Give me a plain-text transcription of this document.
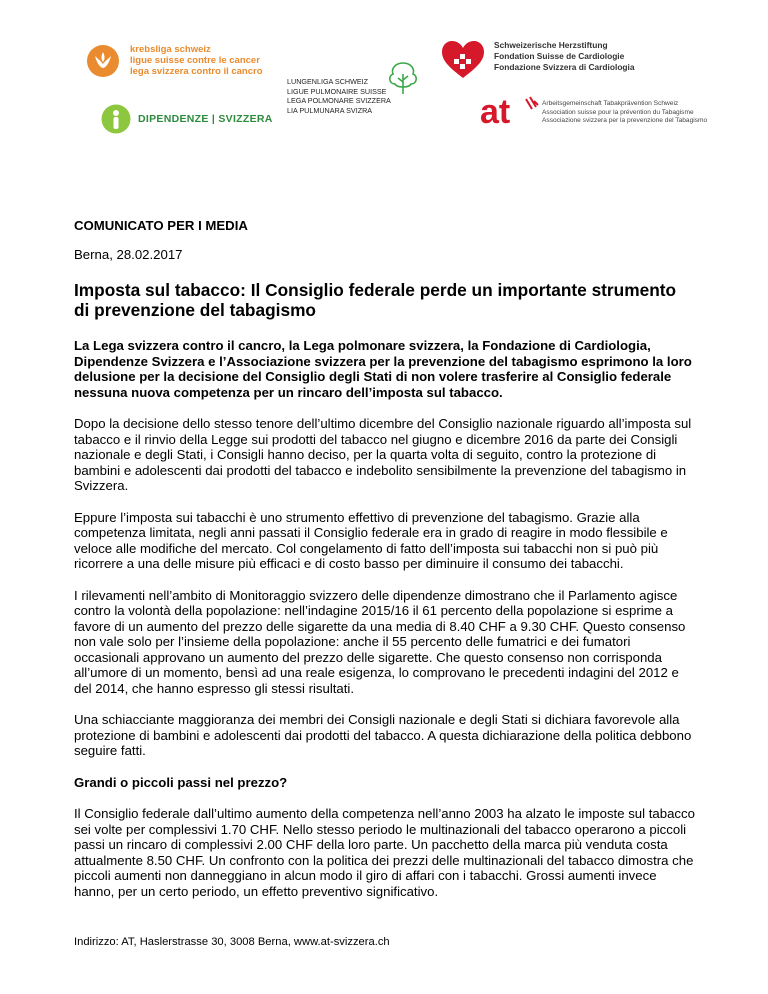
krebsliga schweiz
ligue suisse contre le cancer
lega svizzera contro il cancro
DIPENDENZE | SVIZZERA
LUNGENLIGA SCHWEIZ
LIGUE PULMONAIRE SUISSE
LEGA POLMONARE SVIZZERA
LIA PULMUNARA SVIZRA
Schweizerische Herzstiftung
Fondation Suisse de Cardiologie
Fondazione Svizzera di Cardiologia
at	Arbeitsgemeinschaft Tabakprävention Schweiz
Association suisse pour la prévention du Tabagisme
Associazione svizzera per la prevenzione del Tabagismo

COMUNICATO PER I MEDIA

Berna, 28.02.2017

Imposta sul tabacco: Il Consiglio federale perde un importante strumento di prevenzione del tabagismo

La Lega svizzera contro il cancro, la Lega polmonare svizzera, la Fondazione di Cardiologia, Dipendenze Svizzera e l’Associazione svizzera per la prevenzione del tabagismo esprimono la loro delusione per la decisione del Consiglio degli Stati di non volere trasferire al Consiglio federale nessuna nuova competenza per un rincaro dell’imposta sul tabacco.

Dopo la decisione dello stesso tenore dell’ultimo dicembre del Consiglio nazionale riguardo all’imposta sul tabacco e il rinvio della Legge sui prodotti del tabacco nel giugno e dicembre 2016 da parte dei Consigli nazionale e degli Stati, i Consigli hanno deciso, per la quarta volta di seguito, contro la protezione di bambini e adolescenti dai prodotti del tabacco e indebolito sensibilmente la prevenzione del tabagismo in Svizzera.

Eppure l’imposta sui tabacchi è uno strumento effettivo di prevenzione del tabagismo. Grazie alla competenza limitata, negli anni passati il Consiglio federale era in grado di reagire in modo flessibile e veloce alle modifiche del mercato. Col congelamento di fatto dell’imposta sui tabacchi non si può più ricorrere a una delle misure più efficaci e di costo basso per diminuire il consumo dei tabacchi.

I rilevamenti nell’ambito di Monitoraggio svizzero delle dipendenze dimostrano che il Parlamento agisce contro la volontà della popolazione: nell’indagine 2015/16 il 61 percento della popolazione si esprime a favore di un aumento del prezzo delle sigarette da una media di 8.40 CHF a 9.30 CHF. Questo consenso non vale solo per l’insieme della popolazione: anche il 55 percento delle fumatrici e dei fumatori occasionali approvano un aumento del prezzo delle sigarette. Che questo consenso non corrisponda all’umore di un momento, bensì ad una reale esigenza, lo comprovano le precedenti indagini del 2012 e del 2014, che hanno espresso gli stessi risultati.

Una schiacciante maggioranza dei membri dei Consigli nazionale e degli Stati si dichiara favorevole alla protezione di bambini e adolescenti dai prodotti del tabacco. A questa dichiarazione della politica debbono seguire fatti.

Grandi o piccoli passi nel prezzo?

Il Consiglio federale dall’ultimo aumento della competenza nell’anno 2003 ha alzato le imposte sul tabacco sei volte per complessivi 1.70 CHF. Nello stesso periodo le multinazionali del tabacco operarono a piccoli passi un rincaro di complessivi 2.00 CHF della loro parte. Un pacchetto della marca più venduta costa attualmente 8.50 CHF. Un confronto con la politica dei prezzi delle multinazionali del tabacco dimostra che piccoli aumenti non danneggiano in alcun modo il giro di affari con i tabacchi. Grossi aumenti invece hanno, per un certo periodo, un effetto preventivo significativo.

Indirizzo: AT, Haslerstrasse 30, 3008 Berna, www.at-svizzera.ch
